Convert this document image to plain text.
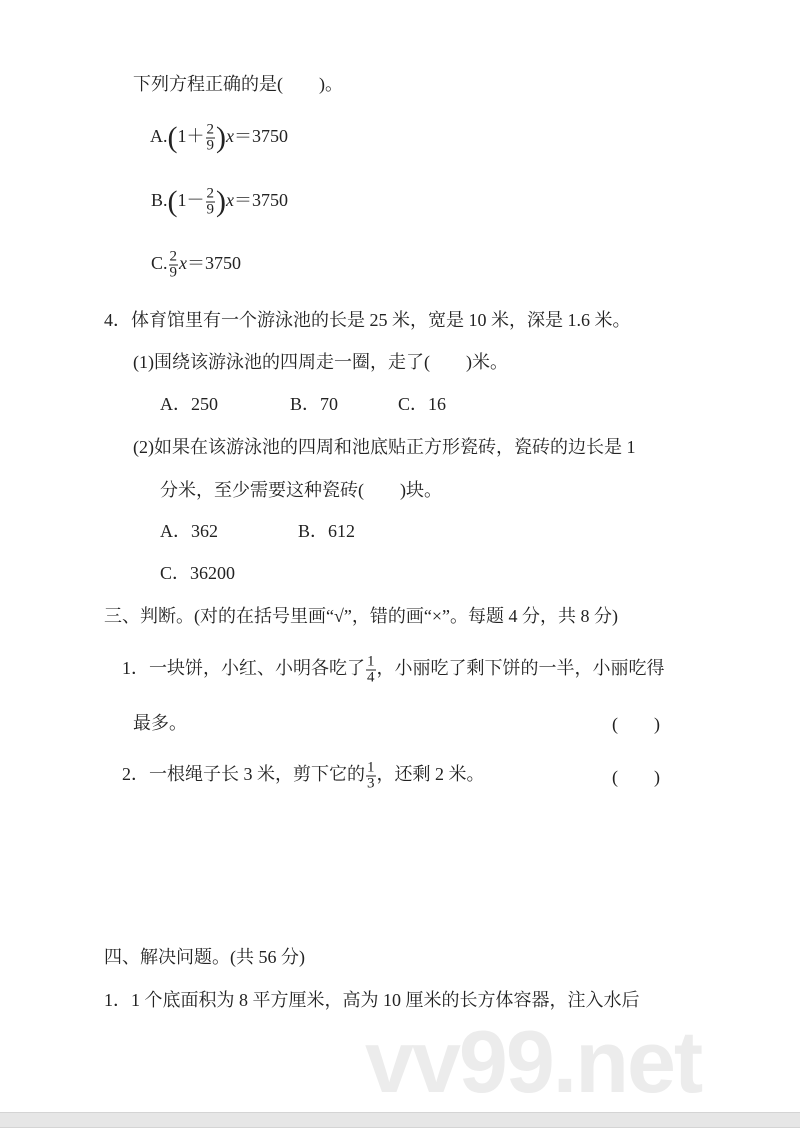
vv99.net
下列方程正确的是(　　)。

$A.(1+ \frac{2}{9} )x=3750$

$B.(1- \frac{2}{9} )x=3750$

C. $\frac{2}{9} x=3750$

4．体育馆里有一个游泳池的长是 25 米，宽是 10 米，深是 1.6 米。
(1)围绕该游泳池的四周走一圈，走了(　　)米。
A．250	B．70	C．16
(2)如果在该游泳池的四周和池底贴正方形瓷砖，瓷砖的边长是 1
分米，至少需要这种瓷砖(　　)块。
A．362	B．612
C．36200
三、判断。(对的在括号里画“√”，错的画“×”。每题 4 分，共 8 分)

1．一块饼，小红、小明各吃了 $\frac{1}{4}$ ，小丽吃了剩下饼的一半，小丽吃得

最多。	(　　)

2．一根绳子长 3 米，剪下它的 $\frac{1}{3}$ ，还剩 2 米。
	(　　)
四、解决问题。(共 56 分)
1．1 个底面积为 8 平方厘米，高为 10 厘米的长方体容器，注入水后
